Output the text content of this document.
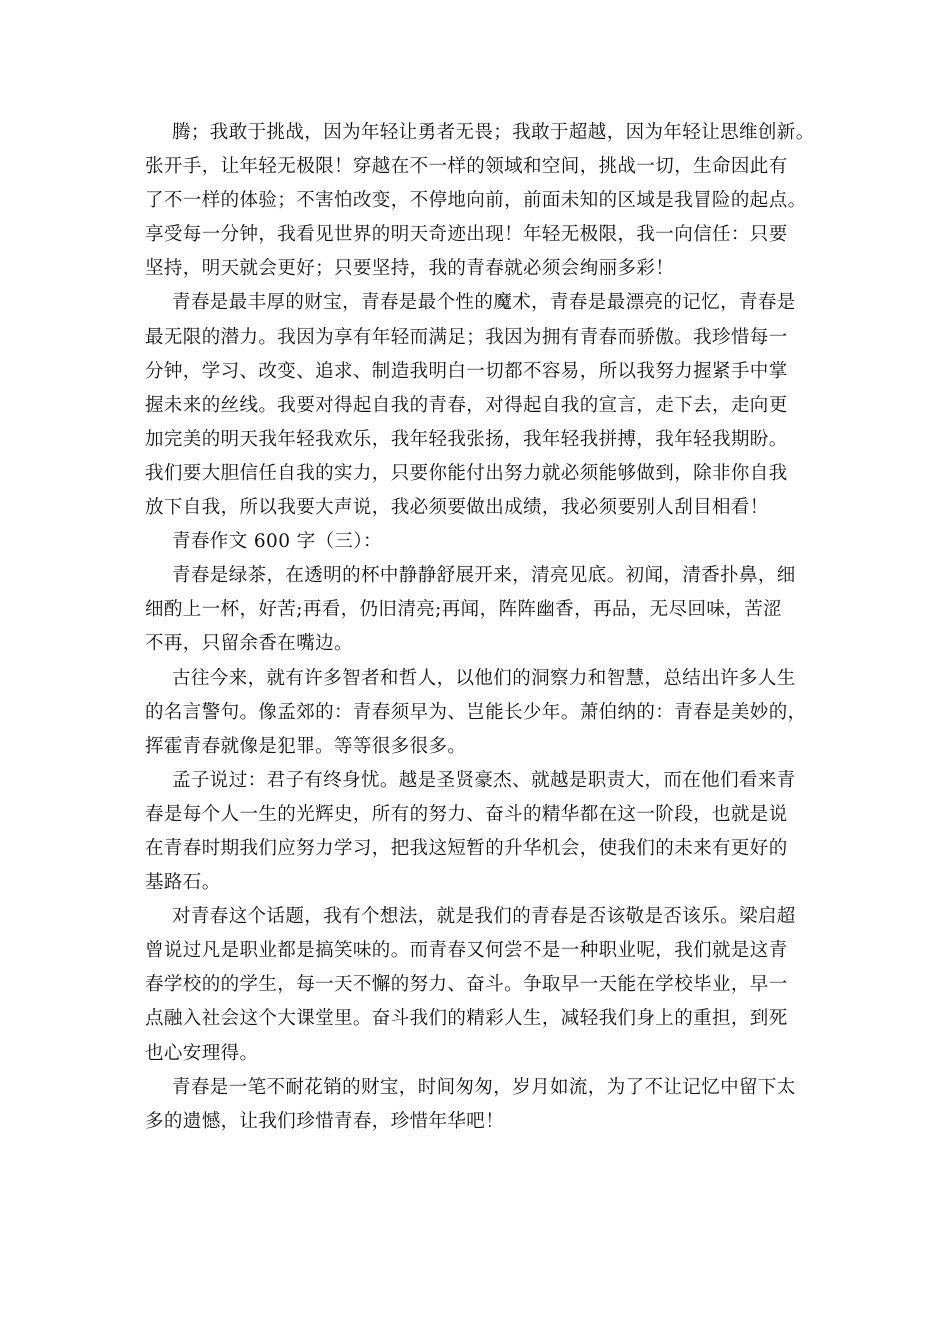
腾；我敢于挑战，因为年轻让勇者无畏；我敢于超越，因为年轻让思维创新。
张开手，让年轻无极限！穿越在不一样的领域和空间，挑战一切，生命因此有
了不一样的体验；不害怕改变，不停地向前，前面未知的区域是我冒险的起点。
享受每一分钟，我看见世界的明天奇迹出现！年轻无极限，我一向信任：只要
坚持，明天就会更好；只要坚持，我的青春就必须会绚丽多彩！
青春是最丰厚的财宝，青春是最个性的魔术，青春是最漂亮的记忆，青春是
最无限的潜力。我因为享有年轻而满足；我因为拥有青春而骄傲。我珍惜每一
分钟，学习、改变、追求、制造我明白一切都不容易，所以我努力握紧手中掌
握未来的丝线。我要对得起自我的青春，对得起自我的宣言，走下去，走向更
加完美的明天我年轻我欢乐，我年轻我张扬，我年轻我拼搏，我年轻我期盼。
我们要大胆信任自我的实力，只要你能付出努力就必须能够做到，除非你自我
放下自我，所以我要大声说，我必须要做出成绩，我必须要别人刮目相看！
青春作文 600 字（三）：
青春是绿茶，在透明的杯中静静舒展开来，清亮见底。初闻，清香扑鼻，细
细酌上一杯，好苦;再看，仍旧清亮;再闻，阵阵幽香，再品，无尽回味，苦涩
不再，只留余香在嘴边。
古往今来，就有许多智者和哲人，以他们的洞察力和智慧，总结出许多人生
的名言警句。像孟郊的：青春须早为、岂能长少年。萧伯纳的：青春是美妙的，
挥霍青春就像是犯罪。等等很多很多。
孟子说过：君子有终身忧。越是圣贤豪杰、就越是职责大，而在他们看来青
春是每个人一生的光辉史，所有的努力、奋斗的精华都在这一阶段，也就是说
在青春时期我们应努力学习，把我这短暂的升华机会，使我们的未来有更好的
基路石。
对青春这个话题，我有个想法，就是我们的青春是否该敬是否该乐。梁启超
曾说过凡是职业都是搞笑味的。而青春又何尝不是一种职业呢，我们就是这青
春学校的的学生，每一天不懈的努力、奋斗。争取早一天能在学校毕业，早一
点融入社会这个大课堂里。奋斗我们的精彩人生，减轻我们身上的重担，到死
也心安理得。
青春是一笔不耐花销的财宝，时间匆匆，岁月如流，为了不让记忆中留下太
多的遗憾，让我们珍惜青春，珍惜年华吧！
